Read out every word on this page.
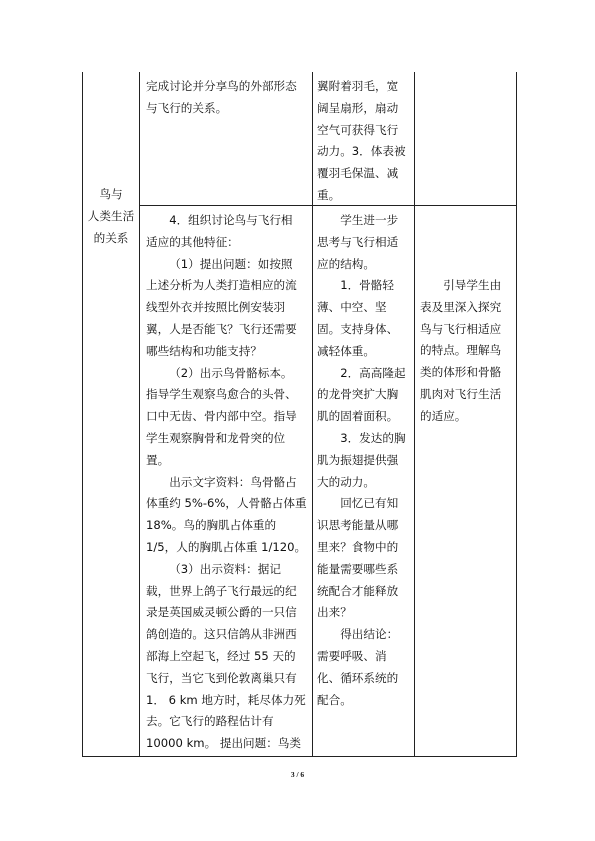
鸟与

人类生活

的关系

完成讨论并分享鸟的外部形态

与飞行的关系。

翼附着羽毛，宽

阔呈扇形，扇动

空气可获得飞行

动力。3．体表被

覆羽毛保温、减

重。

4．组织讨论鸟与飞行相

适应的其他特征：

（1）提出问题：如按照

上述分析为人类打造相应的流

线型外衣并按照比例安装羽

翼，人是否能飞？飞行还需要

哪些结构和功能支持？

（2）出示鸟骨骼标本。

指导学生观察鸟愈合的头骨、

口中无齿、骨内部中空。指导

学生观察胸骨和龙骨突的位

置。

出示文字资料：鸟骨骼占

体重约 5%-6%，人骨骼占体重

18%。鸟的胸肌占体重的

1/5，人的胸肌占体重 1/120。

（3）出示资料：据记

载，世界上鸽子飞行最远的纪

录是英国威灵顿公爵的一只信

鸽创造的。这只信鸽从非洲西

部海上空起飞，经过 55 天的

飞行，当它飞到伦敦离巢只有

1． 6 km 地方时，耗尽体力死

去。它飞行的路程估计有

10000 km。 提出问题：鸟类

学生进一步

思考与飞行相适

应的结构。

1．骨骼轻

薄、中空、坚

固。支持身体、

减轻体重。

2．高高隆起

的龙骨突扩大胸

肌的固着面积。

3．发达的胸

肌为振翅提供强

大的动力。

回忆已有知

识思考能量从哪

里来？食物中的

能量需要哪些系

统配合才能释放

出来？

得出结论：

需要呼吸、消

化、循环系统的

配合。

引导学生由

表及里深入探究

鸟与飞行相适应

的特点。理解鸟

类的体形和骨骼

肌肉对飞行生活

的适应。

3 / 6
